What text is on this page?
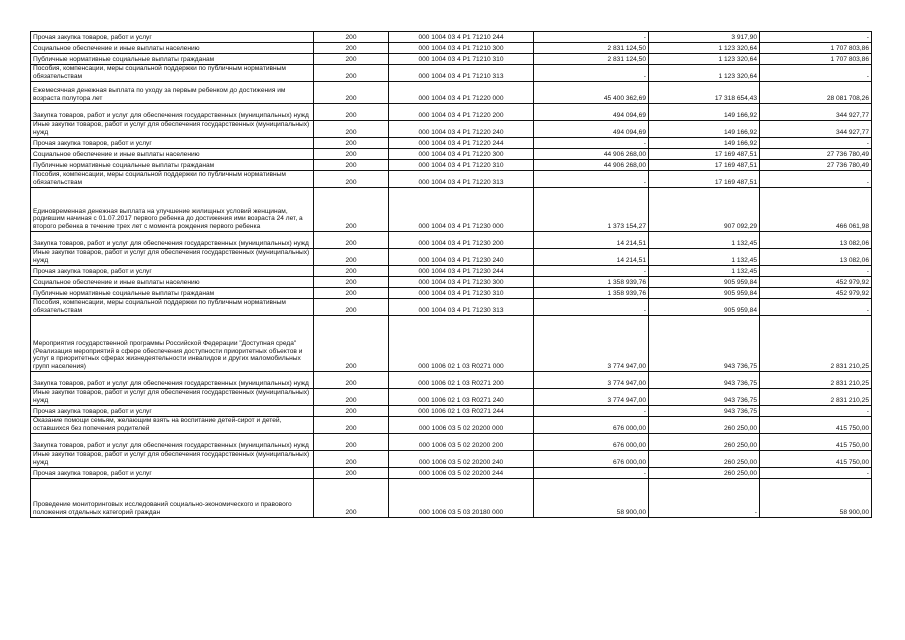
Прочая закупка товаров, работ и услуг	200	000 1004 03 4 P1 71210 244	-	3 917,90	-
Социальное обеспечение и иные выплаты населению	200	000 1004 03 4 P1 71210 300	2 831 124,50	1 123 320,64	1 707 803,86
Публичные нормативные социальные выплаты гражданам	200	000 1004 03 4 P1 71210 310	2 831 124,50	1 123 320,64	1 707 803,86
Пособия, компенсации, меры социальной поддержки по публичным нормативным обязательствам	200	000 1004 03 4 P1 71210 313	-	1 123 320,64	-
Ежемесячная денежная выплата по уходу за первым ребенком до достижения им возраста полутора лет	200	000 1004 03 4 P1 71220 000	45 400 362,69	17 318 654,43	28 081 708,26
Закупка товаров, работ и услуг для обеспечения государственных (муниципальных) нужд	200	000 1004 03 4 P1 71220 200	494 094,69	149 166,92	344 927,77
Иные закупки товаров, работ и услуг для обеспечения государственных (муниципальных) нужд	200	000 1004 03 4 P1 71220 240	494 094,69	149 166,92	344 927,77
Прочая закупка товаров, работ и услуг	200	000 1004 03 4 P1 71220 244	-	149 166,92	-
Социальное обеспечение и иные выплаты населению	200	000 1004 03 4 P1 71220 300	44 906 268,00	17 169 487,51	27 736 780,49
Публичные нормативные социальные выплаты гражданам	200	000 1004 03 4 P1 71220 310	44 906 268,00	17 169 487,51	27 736 780,49
Пособия, компенсации, меры социальной поддержки по публичным нормативным обязательствам	200	000 1004 03 4 P1 71220 313	-	17 169 487,51	-
Единовременная денежная выплата на улучшение жилищных условий женщинам, родившим начиная с 01.07.2017 первого ребенка до достижения ими возраста 24 лет, а второго ребенка в течение трех лет с момента рождения первого ребенка	200	000 1004 03 4 P1 71230 000	1 373 154,27	907 092,29	466 061,98
Закупка товаров, работ и услуг для обеспечения государственных (муниципальных) нужд	200	000 1004 03 4 P1 71230 200	14 214,51	1 132,45	13 082,06
Иные закупки товаров, работ и услуг для обеспечения государственных (муниципальных) нужд	200	000 1004 03 4 P1 71230 240	14 214,51	1 132,45	13 082,06
Прочая закупка товаров, работ и услуг	200	000 1004 03 4 P1 71230 244	-	1 132,45	-
Социальное обеспечение и иные выплаты населению	200	000 1004 03 4 P1 71230 300	1 358 939,76	905 959,84	452 979,92
Публичные нормативные социальные выплаты гражданам	200	000 1004 03 4 P1 71230 310	1 358 939,76	905 959,84	452 979,92
Пособия, компенсации, меры социальной поддержки по публичным нормативным обязательствам	200	000 1004 03 4 P1 71230 313	-	905 959,84	-
Мероприятия государственной программы Российской Федерации "Доступная среда" (Реализация мероприятий в сфере обеспечения доступности приоритетных объектов и услуг в приоритетных сферах жизнедеятельности инвалидов и других маломобильных групп населения)	200	000 1006 02 1 03 R0271 000	3 774 947,00	943 736,75	2 831 210,25
Закупка товаров, работ и услуг для обеспечения государственных (муниципальных) нужд	200	000 1006 02 1 03 R0271 200	3 774 947,00	943 736,75	2 831 210,25
Иные закупки товаров, работ и услуг для обеспечения государственных (муниципальных) нужд	200	000 1006 02 1 03 R0271 240	3 774 947,00	943 736,75	2 831 210,25
Прочая закупка товаров, работ и услуг	200	000 1006 02 1 03 R0271 244	-	943 736,75	-
Оказание помощи семьям, желающим взять на воспитание детей-сирот и детей, оставшихся без попечения родителей	200	000 1006 03 5 02 20200 000	676 000,00	260 250,00	415 750,00
Закупка товаров, работ и услуг для обеспечения государственных (муниципальных) нужд	200	000 1006 03 5 02 20200 200	676 000,00	260 250,00	415 750,00
Иные закупки товаров, работ и услуг для обеспечения государственных (муниципальных) нужд	200	000 1006 03 5 02 20200 240	676 000,00	260 250,00	415 750,00
Прочая закупка товаров, работ и услуг	200	000 1006 03 5 02 20200 244	-	260 250,00	-
Проведение мониторинговых исследований социально-экономического и правового положения отдельных категорий граждан	200	000 1006 03 5 03 20180 000	58 900,00	-	58 900,00
